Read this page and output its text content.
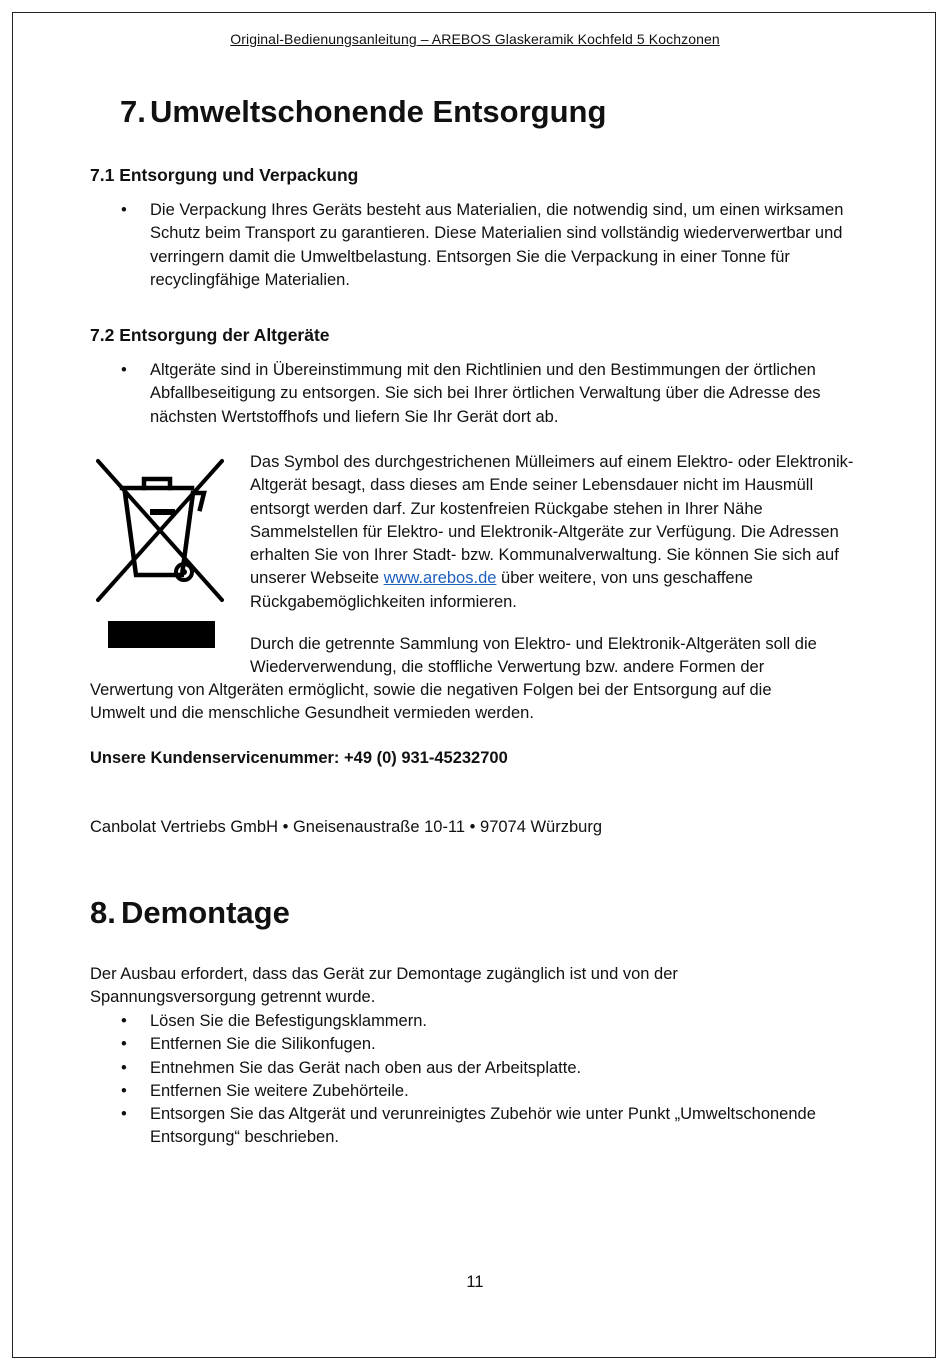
Original-Bedienungsanleitung – AREBOS Glaskeramik Kochfeld 5 Kochzonen
7. Umweltschonende Entsorgung
7.1 Entsorgung und Verpackung
• Die Verpackung Ihres Geräts besteht aus Materialien, die notwendig sind, um einen wirksamen Schutz beim Transport zu garantieren. Diese Materialien sind vollständig wiederverwertbar und verringern damit die Umweltbelastung. Entsorgen Sie die Verpackung in einer Tonne für recyclingfähige Materialien.
7.2 Entsorgung der Altgeräte
• Altgeräte sind in Übereinstimmung mit den Richtlinien und den Bestimmungen der örtlichen Abfallbeseitigung zu entsorgen. Sie sich bei Ihrer örtlichen Verwaltung über die Adresse des nächsten Wertstoffhofs und liefern Sie Ihr Gerät dort ab.
Das Symbol des durchgestrichenen Mülleimers auf einem Elektro- oder Elektronik-Altgerät besagt, dass dieses am Ende seiner Lebensdauer nicht im Hausmüll entsorgt werden darf. Zur kostenfreien Rückgabe stehen in Ihrer Nähe Sammelstellen für Elektro- und Elektronik-Altgeräte zur Verfügung. Die Adressen erhalten Sie von Ihrer Stadt- bzw. Kommunalverwaltung. Sie können Sie sich auf unserer Webseite www.arebos.de über weitere, von uns geschaffene Rückgabemöglichkeiten informieren.
Durch die getrennte Sammlung von Elektro- und Elektronik-Altgeräten soll die
Wiederverwendung, die stoffliche Verwertung bzw. andere Formen der
Verwertung von Altgeräten ermöglicht, sowie die negativen Folgen bei der Entsorgung auf die Umwelt und die menschliche Gesundheit vermieden werden.
Unsere Kundenservicenummer: +49 (0) 931-45232700
Canbolat Vertriebs GmbH • Gneisenaustraße 10-11 • 97074 Würzburg
8. Demontage
Der Ausbau erfordert, dass das Gerät zur Demontage zugänglich ist und von der Spannungsversorgung getrennt wurde.
• Lösen Sie die Befestigungsklammern.
• Entfernen Sie die Silikonfugen.
• Entnehmen Sie das Gerät nach oben aus der Arbeitsplatte.
• Entfernen Sie weitere Zubehörteile.
• Entsorgen Sie das Altgerät und verunreinigtes Zubehör wie unter Punkt „Umweltschonende Entsorgung“ beschrieben.
11
